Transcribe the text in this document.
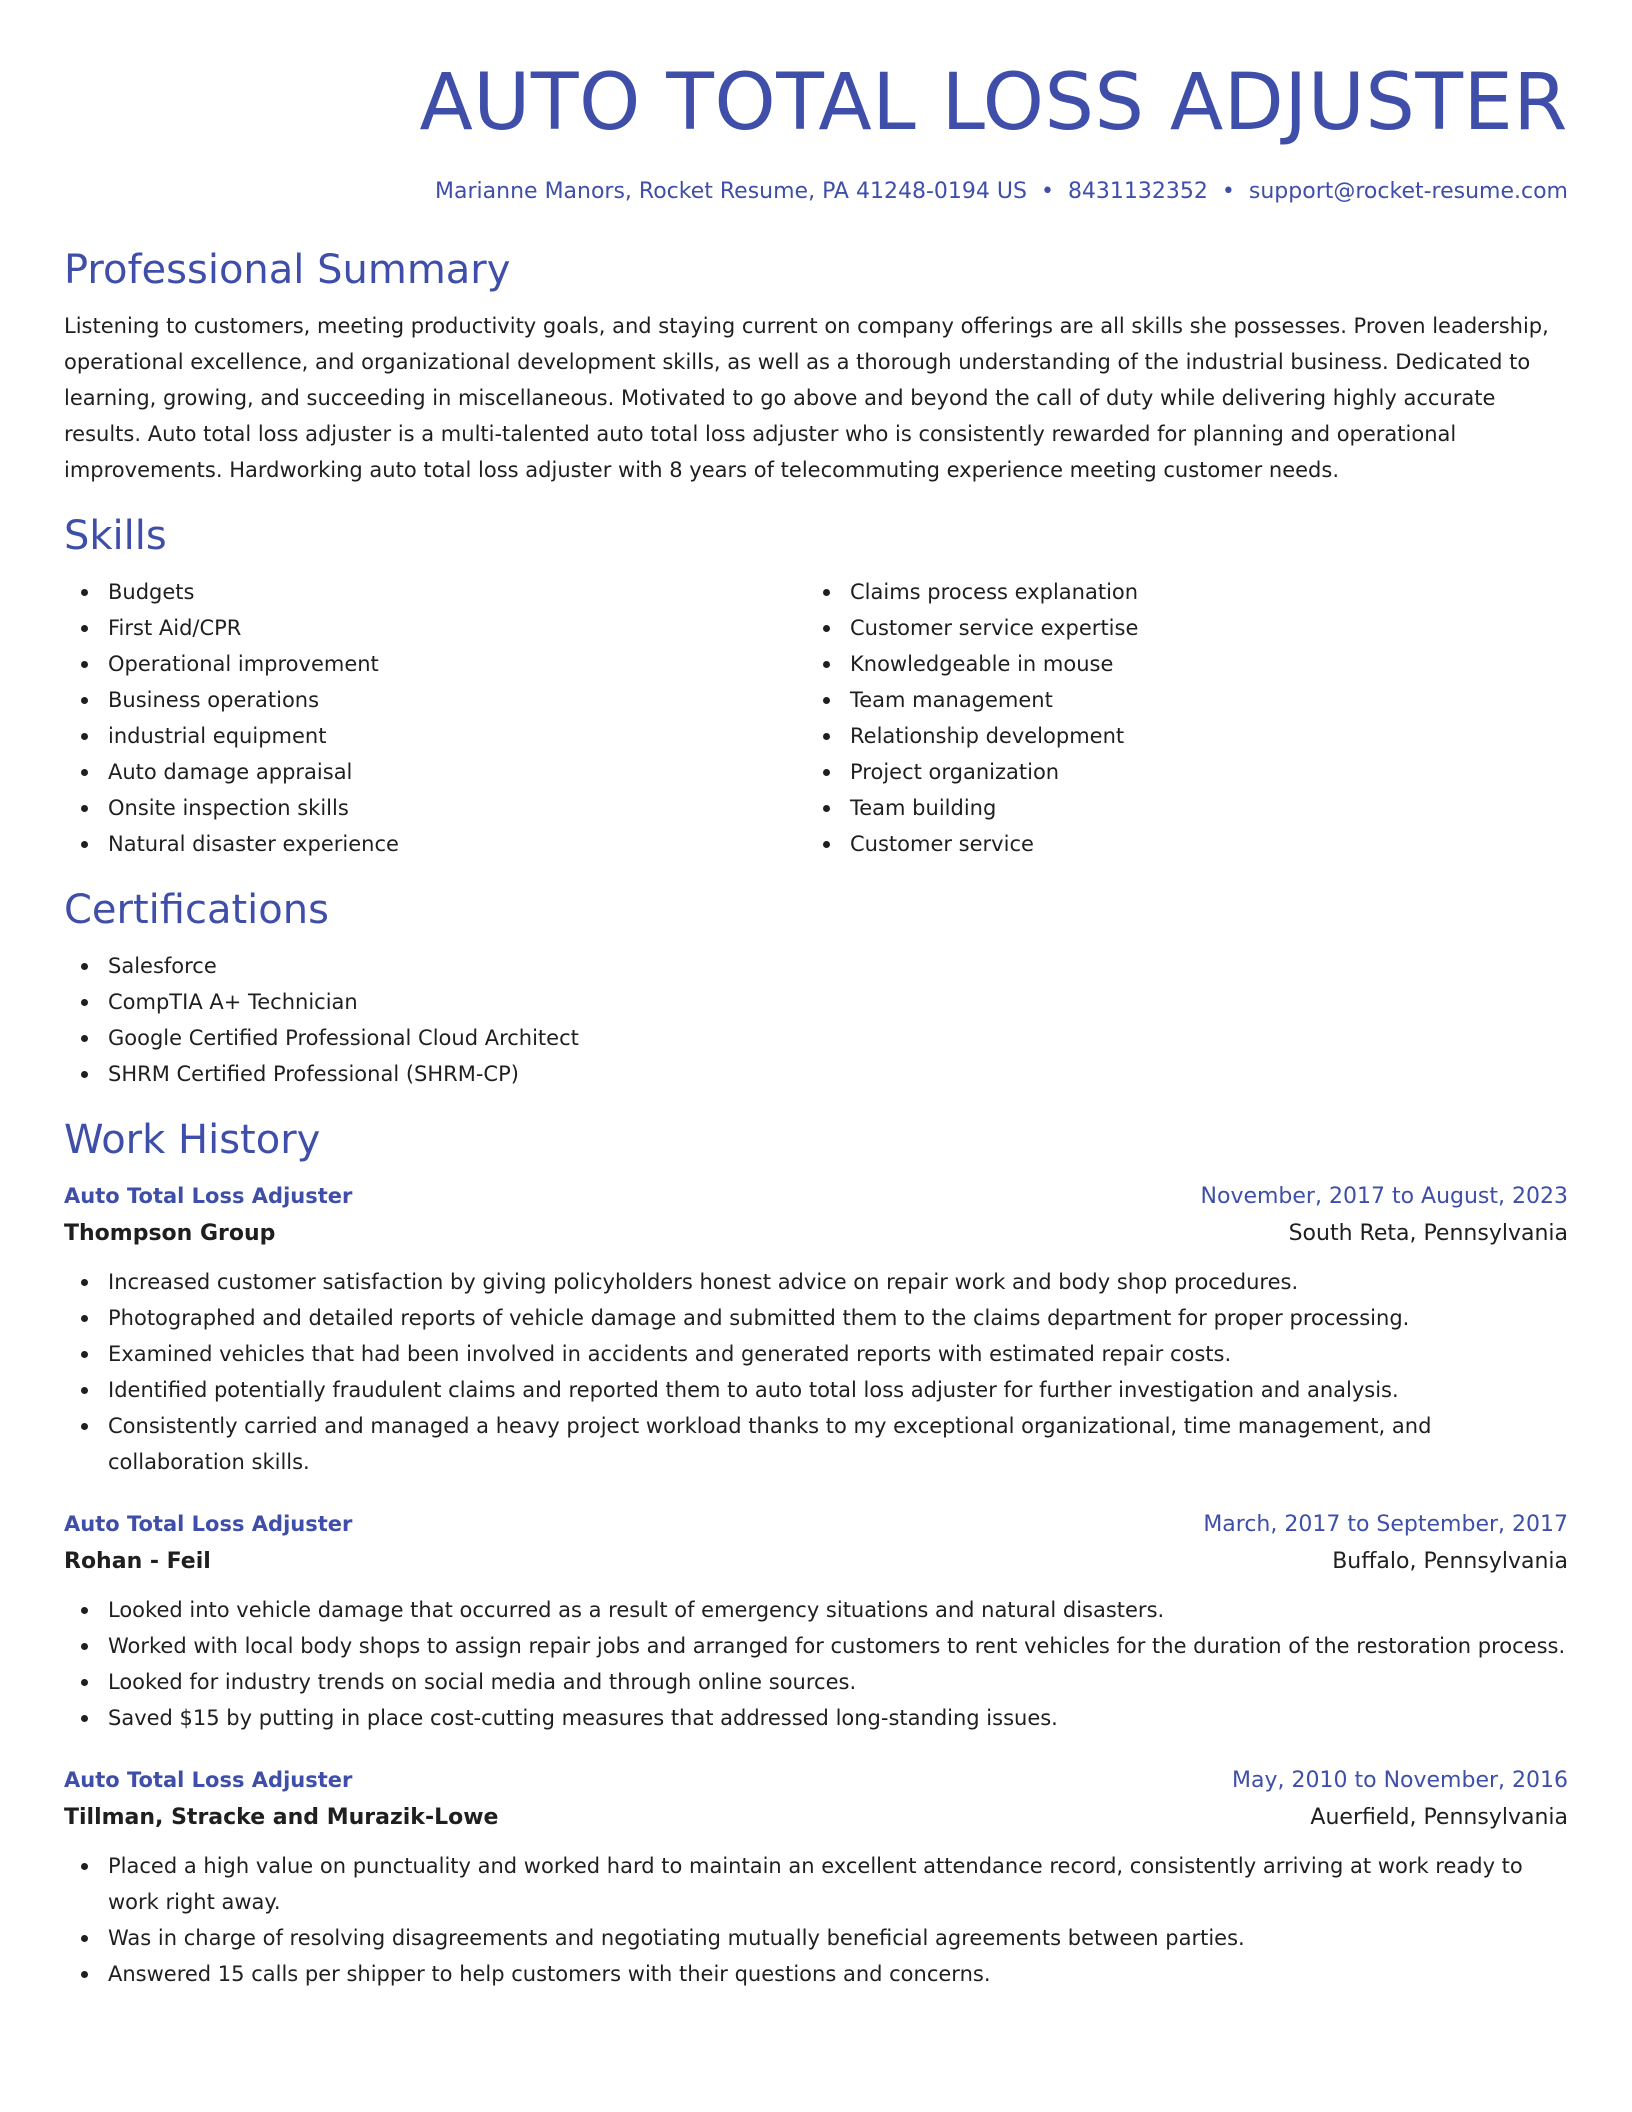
AUTO TOTAL LOSS ADJUSTER
Marianne Manors, Rocket Resume, PA 41248-0194 US • 8431132352 • support@rocket-resume.com
Professional Summary

Listening to customers, meeting productivity goals, and staying current on company offerings are all skills she possesses. Proven leadership, operational excellence, and organizational development skills, as well as a thorough understanding of the industrial business. Dedicated to learning, growing, and succeeding in miscellaneous. Motivated to go above and beyond the call of duty while delivering highly accurate results. Auto total loss adjuster is a multi-talented auto total loss adjuster who is consistently rewarded for planning and operational improvements. Hardworking auto total loss adjuster with 8 years of telecommuting experience meeting customer needs.

Skills
Budgets
First Aid/CPR
Operational improvement
Business operations
industrial equipment
Auto damage appraisal
Onsite inspection skills
Natural disaster experience
Claims process explanation
Customer service expertise
Knowledgeable in mouse
Team management
Relationship development
Project organization
Team building
Customer service
Certifications
Salesforce
CompTIA A+ Technician
Google Certified Professional Cloud Architect
SHRM Certified Professional (SHRM-CP)
Work History
Auto Total Loss Adjuster	November, 2017 to August, 2023
Thompson Group	South Reta, Pennsylvania
Increased customer satisfaction by giving policyholders honest advice on repair work and body shop procedures.
Photographed and detailed reports of vehicle damage and submitted them to the claims department for proper processing.
Examined vehicles that had been involved in accidents and generated reports with estimated repair costs.
Identified potentially fraudulent claims and reported them to auto total loss adjuster for further investigation and analysis.
Consistently carried and managed a heavy project workload thanks to my exceptional organizational, time management, and collaboration skills.
Auto Total Loss Adjuster	March, 2017 to September, 2017
Rohan - Feil	Buffalo, Pennsylvania
Looked into vehicle damage that occurred as a result of emergency situations and natural disasters.
Worked with local body shops to assign repair jobs and arranged for customers to rent vehicles for the duration of the restoration process.
Looked for industry trends on social media and through online sources.
Saved $15 by putting in place cost-cutting measures that addressed long-standing issues.
Auto Total Loss Adjuster	May, 2010 to November, 2016
Tillman, Stracke and Murazik-Lowe	Auerfield, Pennsylvania
Placed a high value on punctuality and worked hard to maintain an excellent attendance record, consistently arriving at work ready to work right away.
Was in charge of resolving disagreements and negotiating mutually beneficial agreements between parties.
Answered 15 calls per shipper to help customers with their questions and concerns.
